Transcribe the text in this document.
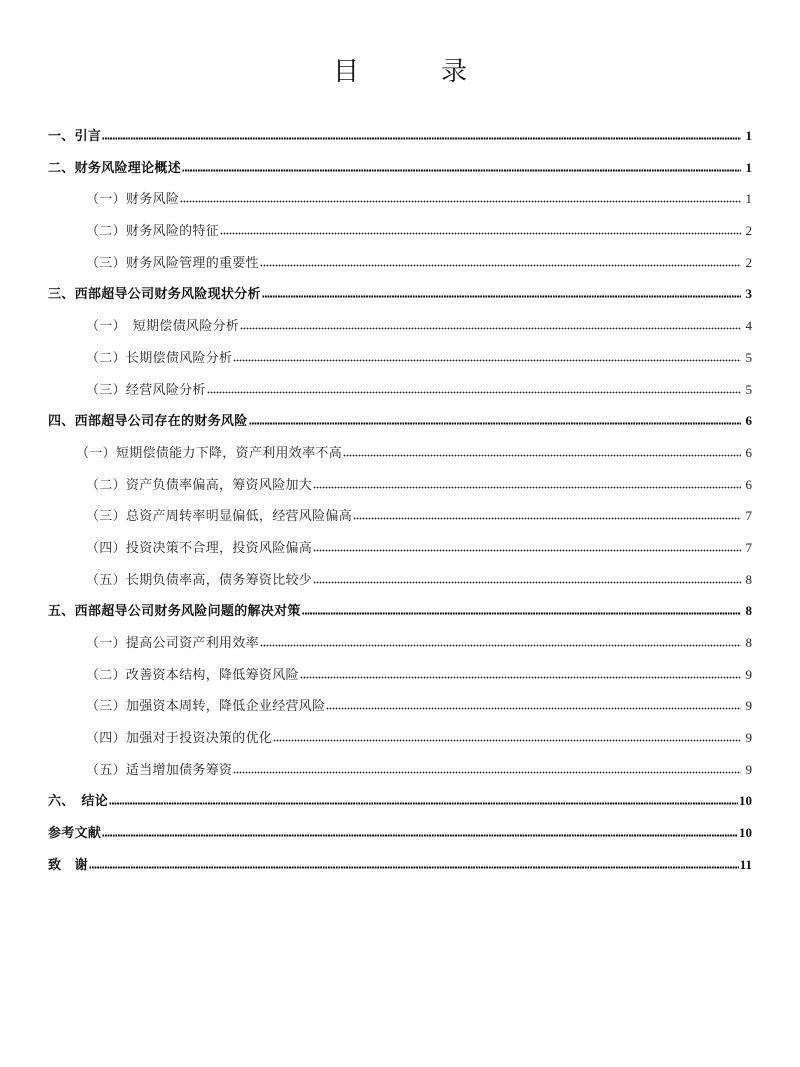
目　录
一、引言	1
二、财务风险理论概述	1
（一）财务风险	1
（二）财务风险的特征	2
（三）财务风险管理的重要性	2
三、西部超导公司财务风险现状分析	3
（一）　短期偿债风险分析	4
（二）长期偿债风险分析	5
（三）经营风险分析	5
四、西部超导公司存在的财务风险	6
（一）短期偿债能力下降，资产利用效率不高	6
（二）资产负债率偏高，筹资风险加大	6
（三）总资产周转率明显偏低，经营风险偏高	7
（四）投资决策不合理，投资风险偏高	7
（五）长期负债率高，债务筹资比较少	8
五、西部超导公司财务风险问题的解决对策	8
（一）提高公司资产利用效率	8
（二）改善资本结构，降低筹资风险	9
（三）加强资本周转，降低企业经营风险	9
（四）加强对于投资决策的优化	9
（五）适当增加债务筹资	9
六、　结论	10
参考文献	10
致　谢	11
